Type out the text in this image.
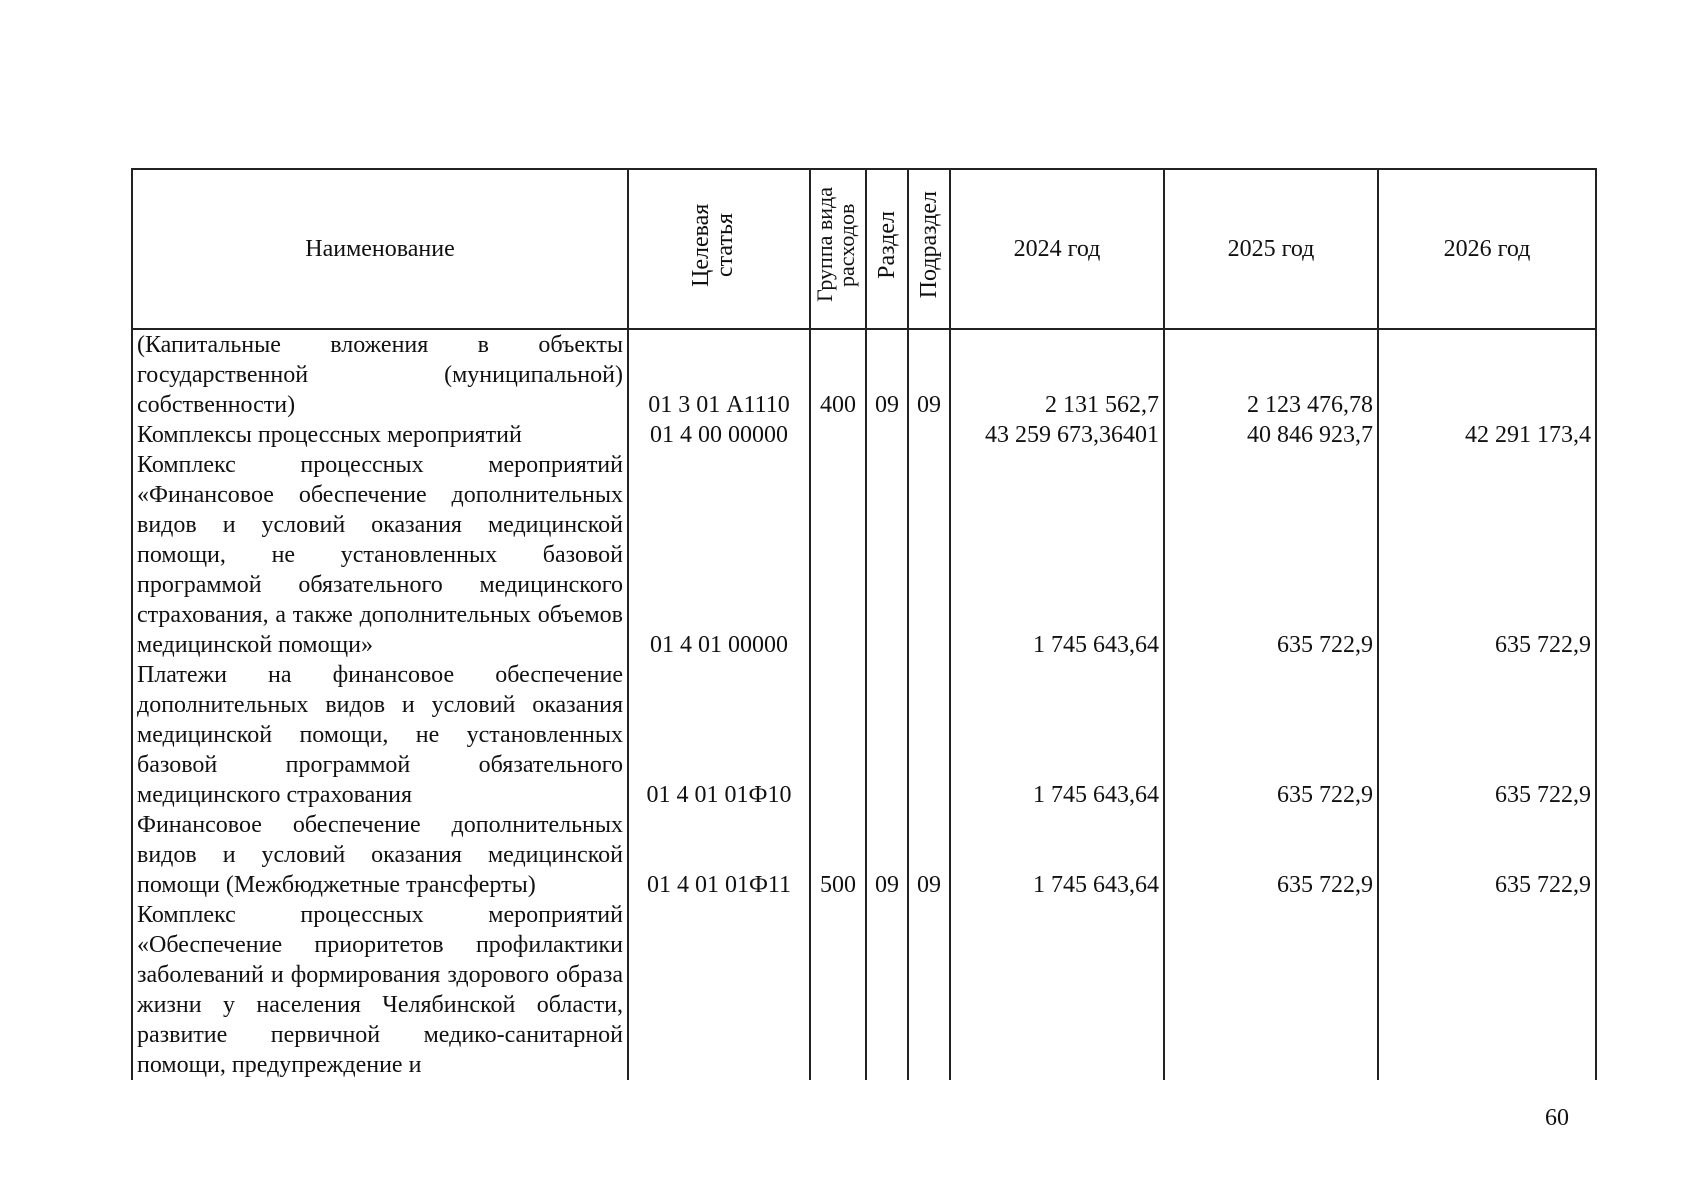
Наименование	Целевая статья	Группа вида расходов	Раздел	Подраздел	2024 год	2025 год	2026 год
(Капитальные вложения в объекты государственной (муниципальной) собственности)	01 3 01 А1110	400	09	09	2 131 562,7	2 123 476,78	
Комплексы процессных мероприятий	01 4 00 00000				43 259 673,36401	40 846 923,7	42 291 173,4
Комплекс процессных мероприятий «Финансовое обеспечение дополнительных видов и условий оказания медицинской помощи, не установленных базовой программой обязательного медицинского страхования, а также дополнительных объемов медицинской помощи»	01 4 01 00000				1 745 643,64	635 722,9	635 722,9
Платежи на финансовое обеспечение дополнительных видов и условий оказания медицинской помощи, не установленных базовой программой обязательного медицинского страхования	01 4 01 01Ф10				1 745 643,64	635 722,9	635 722,9
Финансовое обеспечение дополнительных видов и условий оказания медицинской помощи (Межбюджетные трансферты)	01 4 01 01Ф11	500	09	09	1 745 643,64	635 722,9	635 722,9
Комплекс процессных мероприятий «Обеспечение приоритетов профилактики заболеваний и формирования здорового образа жизни у населения Челябинской области, развитие первичной медико-санитарной помощи, предупреждение и							
60
